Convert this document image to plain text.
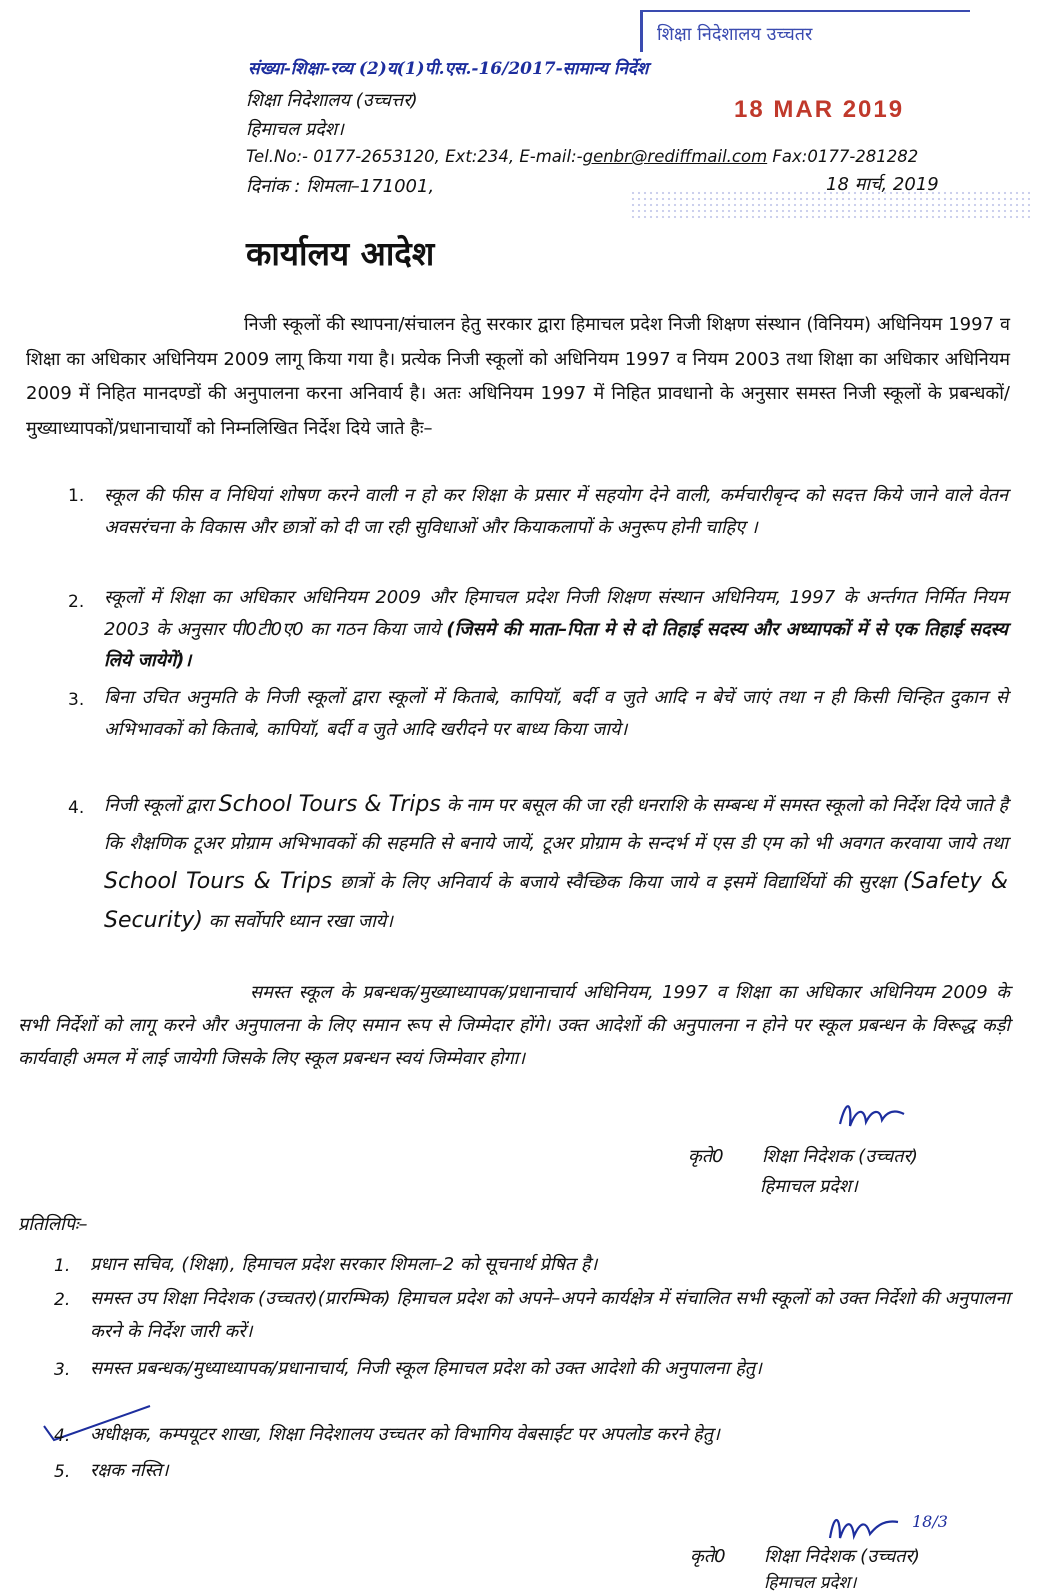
शिक्षा निदेशालय उच्चतर
संख्या-शिक्षा-रव्य (2)य(1)पी.एस.-16/2017-सामान्य निर्देश
18 MAR 2019
शिक्षा निदेशालय (उच्चत्तर)
हिमाचल प्रदेश।
Tel.No:- 0177-2653120, Ext:234, E-mail:-genbr@rediffmail.com Fax:0177-281282
दिनांक : शिमला–171001,	18 मार्च, 2019
कार्यालय आदेश
निजी स्कूलों की स्थापना/संचालन हेतु सरकार द्वारा हिमाचल प्रदेश निजी शिक्षण संस्थान (विनियम) अधिनियम 1997 व शिक्षा का अधिकार अधिनियम 2009 लागू किया गया है। प्रत्येक निजी स्कूलों को अधिनियम 1997 व नियम 2003 तथा शिक्षा का अधिकार अधिनियम 2009 में निहित मानदण्डों की अनुपालना करना अनिवार्य है। अतः अधिनियम 1997 में निहित प्रावधानो के अनुसार समस्त निजी स्कूलों के प्रबन्धकों/मुख्याध्यापकों/प्रधानाचार्यों को निम्नलिखित निर्देश दिये जाते हैः–
1. स्कूल की फीस व निधियां शोषण करने वाली न हो कर शिक्षा के प्रसार में सहयोग देने वाली, कर्मचारीबृन्द को सदत्त किये जाने वाले वेतन अवसरंचना के विकास और छात्रों को दी जा रही सुविधाओं और कियाकलापों के अनुरूप होनी चाहिए ।
2. स्कूलों में शिक्षा का अधिकार अधिनियम 2009 और हिमाचल प्रदेश निजी शिक्षण संस्थान अधिनियम, 1997 के अर्न्तगत निर्मित नियम 2003 के अनुसार पी0टी0ए0 का गठन किया जाये (जिसमे की माता–पिता मे से दो तिहाई सदस्य और अध्यापकों में से एक तिहाई सदस्य लिये जायेगें)।
3. बिना उचित अनुमति के निजी स्कूलों द्वारा स्कूलों में किताबे, कापियॉ, बर्दी व जुते आदि न बेचें जाएं तथा न ही किसी चिन्हित दुकान से अभिभावकों को किताबे, कापियॉ, बर्दी व जुते आदि खरीदने पर बाध्य किया जाये।
4. निजी स्कूलों द्वारा School Tours & Trips के नाम पर बसूल की जा रही धनराशि के सम्बन्ध में समस्त स्कूलो को निर्देश दिये जाते है कि शैक्षणिक टूअर प्रोग्राम अभिभावकों की सहमति से बनाये जायें, टूअर प्रोग्राम के सन्दर्भ में एस डी एम को भी अवगत करवाया जाये तथा School Tours & Trips छात्रों के लिए अनिवार्य के बजाये स्वैच्छिक किया जाये व इसमें विद्यार्थियों की सुरक्षा (Safety & Security) का सर्वोपरि ध्यान रखा जाये।
समस्त स्कूल के प्रबन्धक/मुख्याध्यापक/प्रधानाचार्य अधिनियम, 1997 व शिक्षा का अधिकार अधिनियम 2009 के सभी निर्देशों को लागू करने और अनुपालना के लिए समान रूप से जिम्मेदार होंगे। उक्त आदेशों की अनुपालना न होने पर स्कूल प्रबन्धन के विरूद्ध कड़ी कार्यवाही अमल में लाई जायेगी जिसके लिए स्कूल प्रबन्धन स्वयं जिम्मेवार होगा।
कृते0 शिक्षा निदेशक (उच्चतर)
हिमाचल प्रदेश।
प्रतिलिपिः–
1. प्रधान सचिव, (शिक्षा), हिमाचल प्रदेश सरकार शिमला–2 को सूचनार्थ प्रेषित है।
2. समस्त उप शिक्षा निदेशक (उच्चतर)(प्रारम्भिक) हिमाचल प्रदेश को अपने–अपने कार्यक्षेत्र में संचालित सभी स्कूलों को उक्त निर्देशो की अनुपालना करने के निर्देश जारी करें।
3. समस्त प्रबन्धक/मुध्याध्यापक/प्रधानाचार्य, निजी स्कूल हिमाचल प्रदेश को उक्त आदेशो की अनुपालना हेतु।
4. अधीक्षक, कम्पयूटर शाखा, शिक्षा निदेशालय उच्चतर को विभागिय वेबसाईट पर अपलोड करने हेतु।
5. रक्षक नस्ति।
18/3
कृते0 शिक्षा निदेशक (उच्चतर)
हिमाचल प्रदेश।
